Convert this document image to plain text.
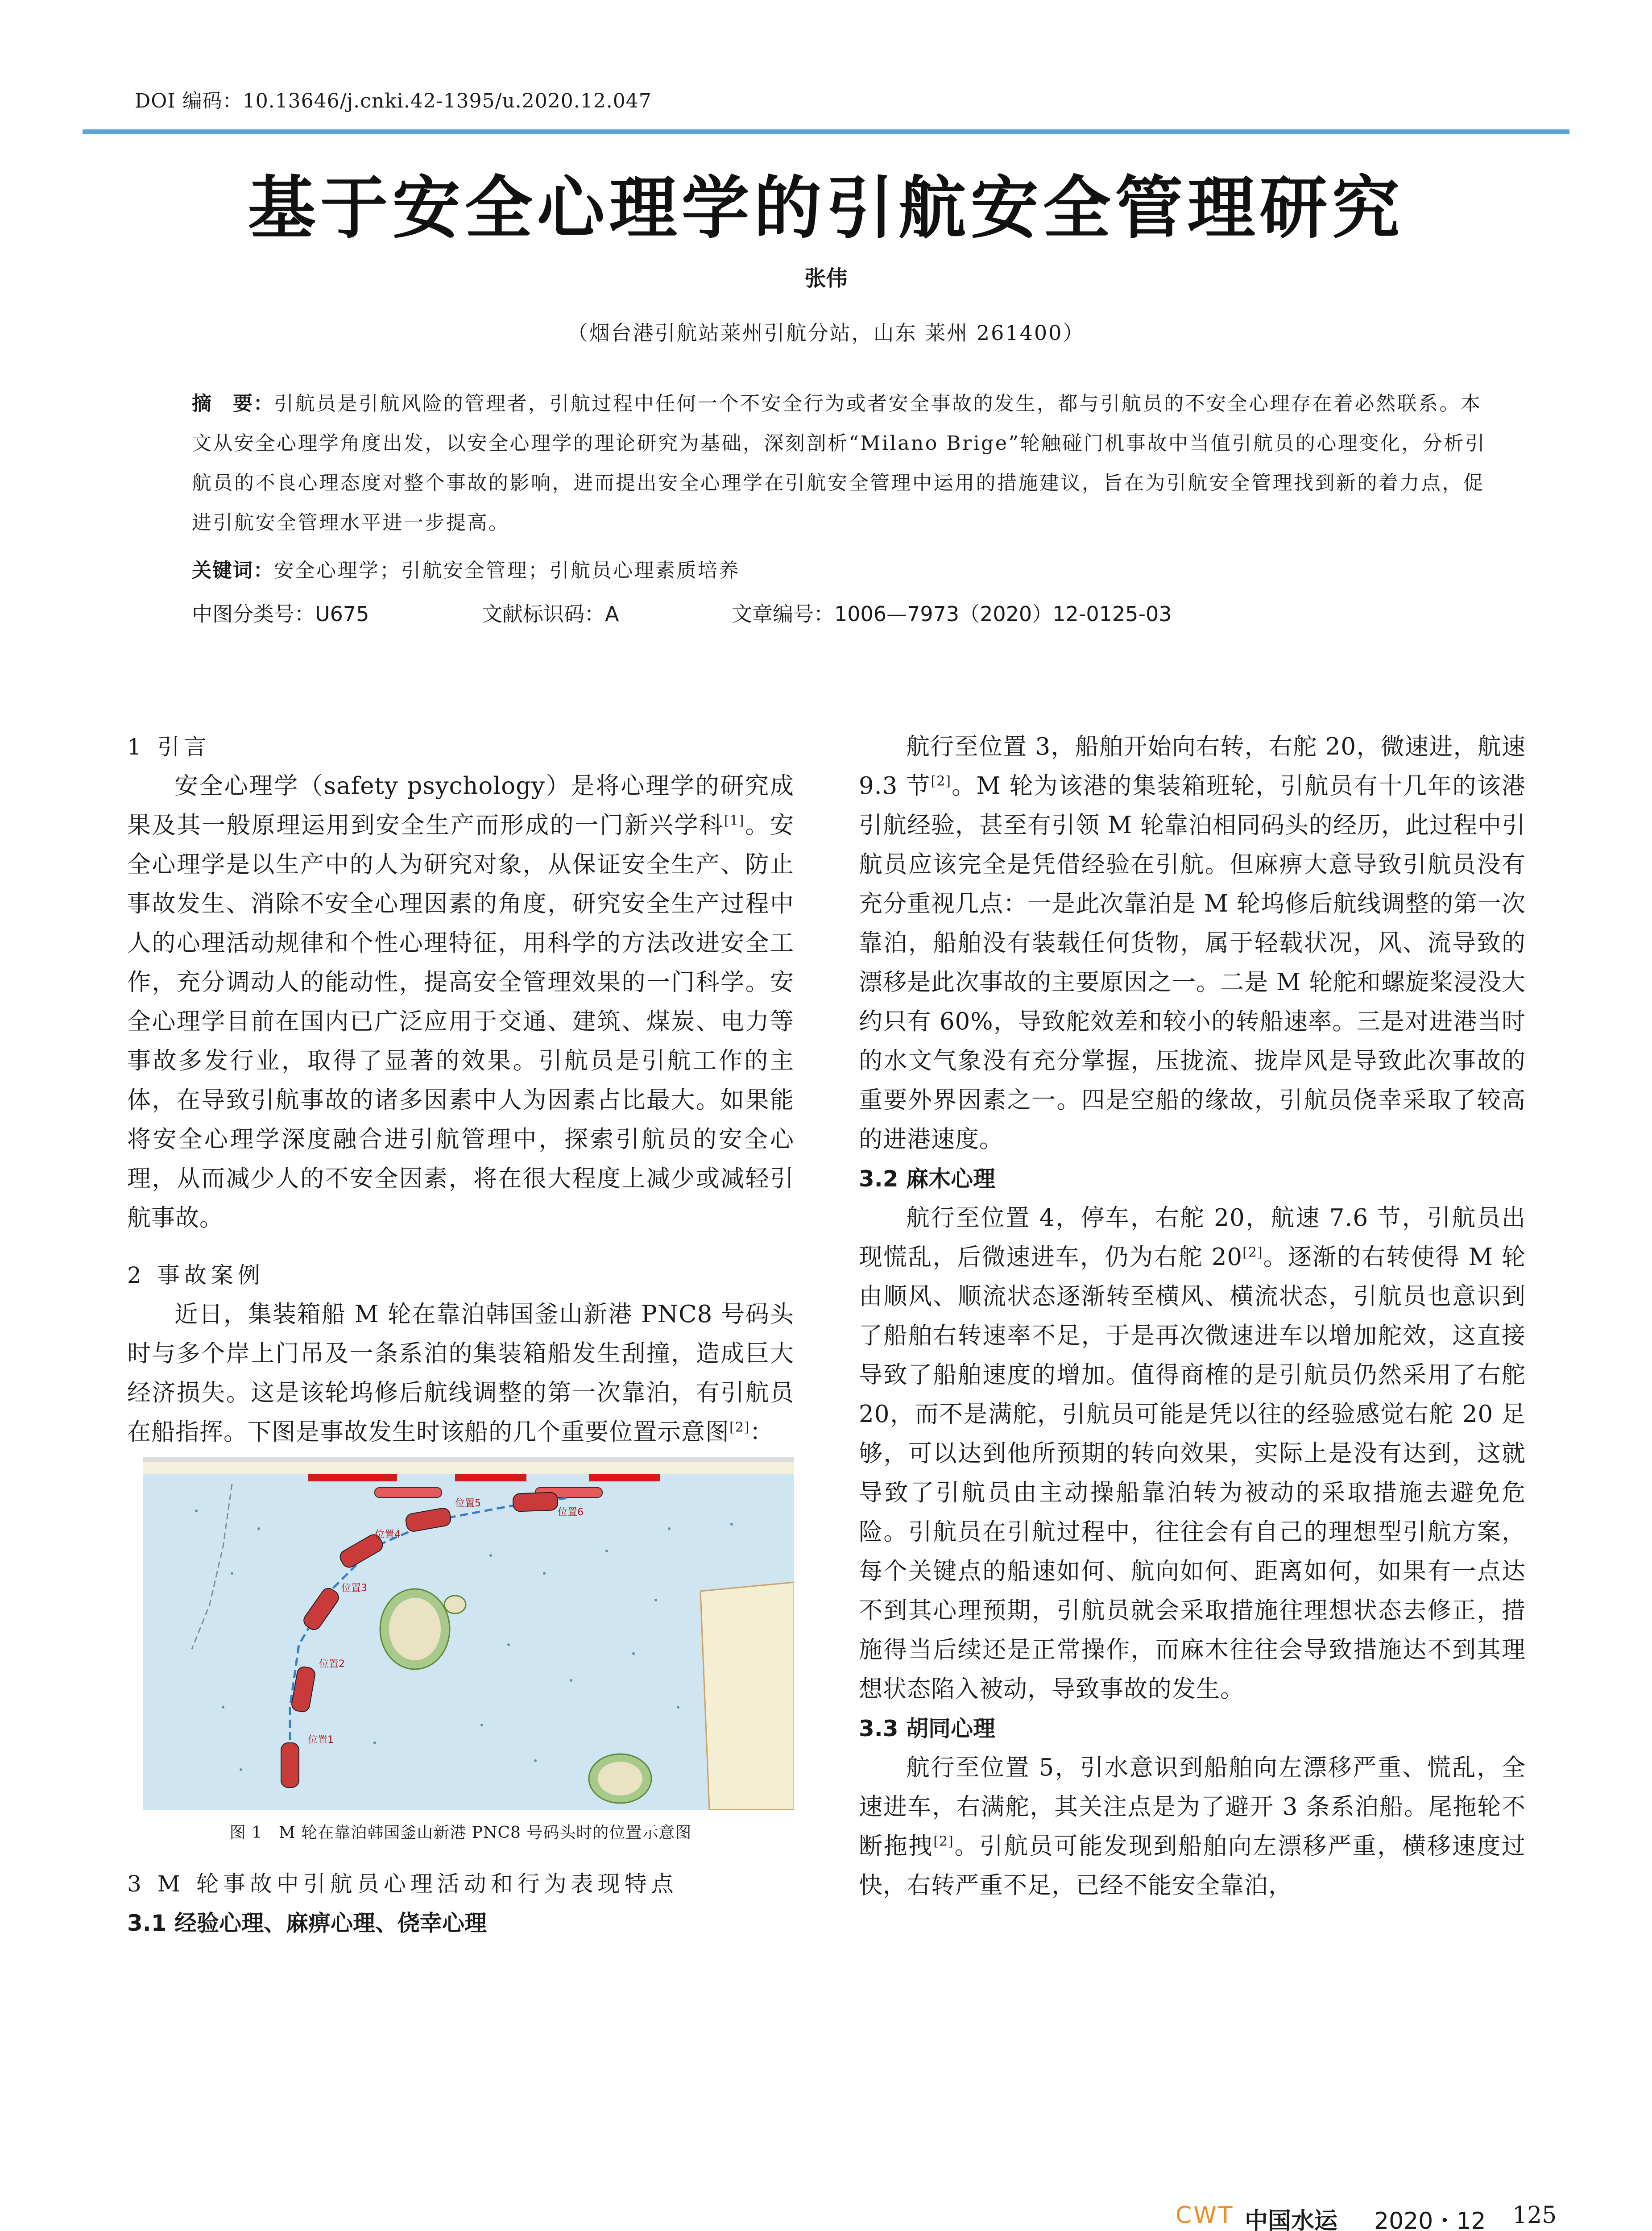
DOI 编码：10.13646/j.cnki.42-1395/u.2020.12.047
基于安全心理学的引航安全管理研究
张伟
（烟台港引航站莱州引航分站，山东 莱州 261400）
摘　要：引航员是引航风险的管理者，引航过程中任何一个不安全行为或者安全事故的发生，都与引航员的不安全心理存在着必然联系。本文从安全心理学角度出发，以安全心理学的理论研究为基础，深刻剖析“Milano Brige”轮触碰门机事故中当值引航员的心理变化，分析引航员的不良心理态度对整个事故的影响，进而提出安全心理学在引航安全管理中运用的措施建议，旨在为引航安全管理找到新的着力点，促进引航安全管理水平进一步提高。
关键词：安全心理学；引航安全管理；引航员心理素质培养
中图分类号：U675	文献标识码：A	文章编号：1006—7973（2020）12-0125-03

1 引言

安全心理学（safety psychology）是将心理学的研究成果及其一般原理运用到安全生产而形成的一门新兴学科[1]。安全心理学是以生产中的人为研究对象，从保证安全生产、防止事故发生、消除不安全心理因素的角度，研究安全生产过程中人的心理活动规律和个性心理特征，用科学的方法改进安全工作，充分调动人的能动性，提高安全管理效果的一门科学。安全心理学目前在国内已广泛应用于交通、建筑、煤炭、电力等事故多发行业，取得了显著的效果。引航员是引航工作的主体，在导致引航事故的诸多因素中人为因素占比最大。如果能将安全心理学深度融合进引航管理中，探索引航员的安全心理，从而减少人的不安全因素，将在很大程度上减少或减轻引航事故。

2 事故案例

近日，集装箱船 M 轮在靠泊韩国釜山新港 PNC8 号码头时与多个岸上门吊及一条系泊的集装箱船发生刮撞，造成巨大经济损失。这是该轮坞修后航线调整的第一次靠泊，有引航员在船指挥。下图是事故发生时该船的几个重要位置示意图[2]：

位置1
位置2
位置3
位置4
位置5
位置6
图 1　M 轮在靠泊韩国釜山新港 PNC8 号码头时的位置示意图

3 M 轮事故中引航员心理活动和行为表现特点

3.1 经验心理、麻痹心理、侥幸心理

航行至位置 3，船舶开始向右转，右舵 20，微速进，航速 9.3 节[2]。M 轮为该港的集装箱班轮，引航员有十几年的该港引航经验，甚至有引领 M 轮靠泊相同码头的经历，此过程中引航员应该完全是凭借经验在引航。但麻痹大意导致引航员没有充分重视几点：一是此次靠泊是 M 轮坞修后航线调整的第一次靠泊，船舶没有装载任何货物，属于轻载状况，风、流导致的漂移是此次事故的主要原因之一。二是 M 轮舵和螺旋桨浸没大约只有 60%，导致舵效差和较小的转船速率。三是对进港当时的水文气象没有充分掌握，压拢流、拢岸风是导致此次事故的重要外界因素之一。四是空船的缘故，引航员侥幸采取了较高的进港速度。

3.2 麻木心理

航行至位置 4，停车，右舵 20，航速 7.6 节，引航员出现慌乱，后微速进车，仍为右舵 20[2]。逐渐的右转使得 M 轮由顺风、顺流状态逐渐转至横风、横流状态，引航员也意识到了船舶右转速率不足，于是再次微速进车以增加舵效，这直接导致了船舶速度的增加。值得商榷的是引航员仍然采用了右舵 20，而不是满舵，引航员可能是凭以往的经验感觉右舵 20 足够，可以达到他所预期的转向效果，实际上是没有达到，这就导致了引航员由主动操船靠泊转为被动的采取措施去避免危险。引航员在引航过程中，往往会有自己的理想型引航方案，每个关键点的船速如何、航向如何、距离如何，如果有一点达不到其心理预期，引航员就会采取措施往理想状态去修正，措施得当后续还是正常操作，而麻木往往会导致措施达不到其理想状态陷入被动，导致事故的发生。

3.3 胡同心理

航行至位置 5，引水意识到船舶向左漂移严重、慌乱，全速进车，右满舵，其关注点是为了避开 3 条系泊船。尾拖轮不断拖拽[2]。引航员可能发现到船舶向左漂移严重，横移速度过快，右转严重不足，已经不能安全靠泊，

CWT 中国水运 2020・12 125
